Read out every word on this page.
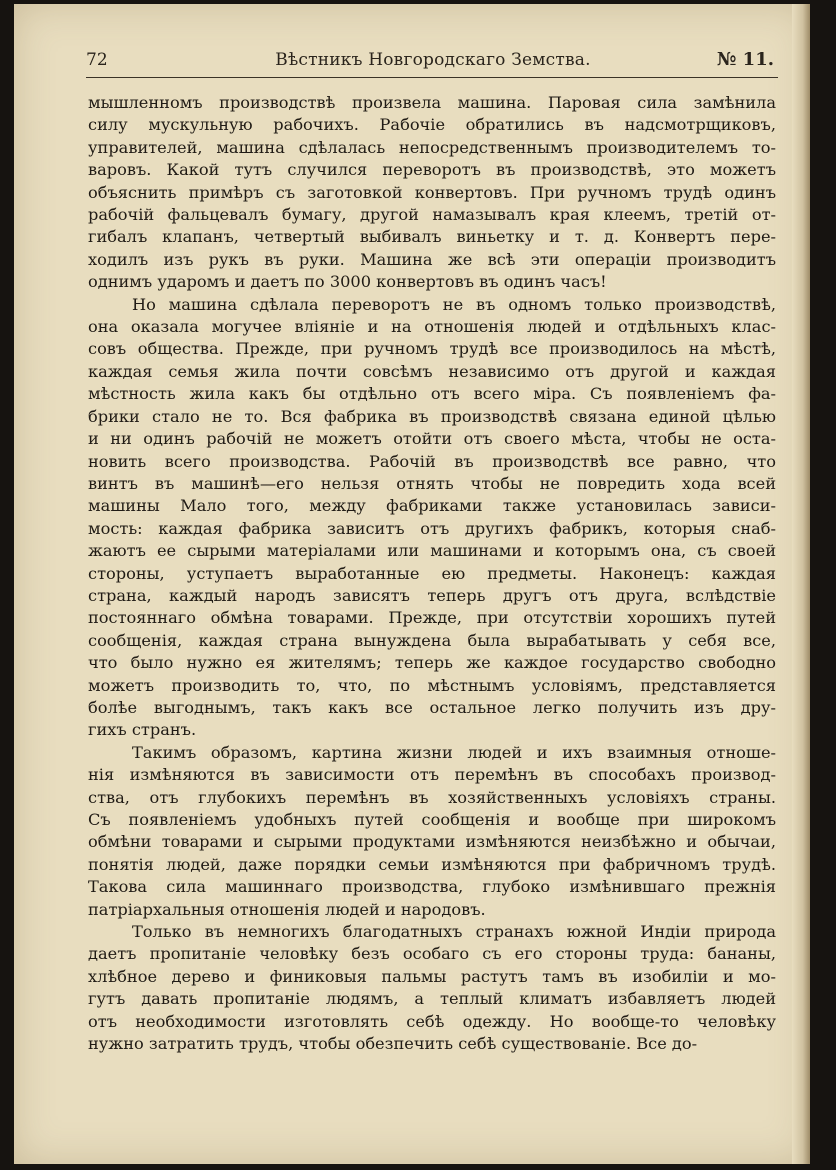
72	Вѣстникъ Новгородскаго Земства.	№ 11.
мышленномъ производствѣ произвела машина. Паровая сила замѣнила
силу мускульную рабочихъ. Рабочіе обратились въ надсмотрщиковъ,
управителей, машина сдѣлалась непосредственнымъ производителемъ то-
варовъ. Какой тутъ случился переворотъ въ производствѣ, это можетъ
объяснить примѣръ съ заготовкой конвертовъ. При ручномъ трудѣ одинъ
рабочій фальцевалъ бумагу, другой намазывалъ края клеемъ, третій от-
гибалъ клапанъ, четвертый выбивалъ виньетку и т. д. Конвертъ пере-
ходилъ изъ рукъ въ руки. Машина же всѣ эти операціи производитъ
однимъ ударомъ и даетъ по 3000 конвертовъ въ одинъ часъ!
Но машина сдѣлала переворотъ не въ одномъ только производствѣ,
она оказала могучее вліяніе и на отношенія людей и отдѣльныхъ клас-
совъ общества. Прежде, при ручномъ трудѣ все производилось на мѣстѣ,
каждая семья жила почти совсѣмъ независимо отъ другой и каждая
мѣстность жила какъ бы отдѣльно отъ всего міра. Съ появленіемъ фа-
брики стало не то. Вся фабрика въ производствѣ связана единой цѣлью
и ни одинъ рабочій не можетъ отойти отъ своего мѣста, чтобы не оста-
новить всего производства. Рабочій въ производствѣ все равно, что
винтъ въ машинѣ—его нельзя отнять чтобы не повредить хода всей
машины Мало того, между фабриками также установилась зависи-
мость: каждая фабрика зависитъ отъ другихъ фабрикъ, которыя снаб-
жаютъ ее сырыми матеріалами или машинами и которымъ она, съ своей
стороны, уступаетъ выработанные ею предметы. Наконецъ: каждая
страна, каждый народъ зависятъ теперь другъ отъ друга, вслѣдствіе
постояннаго обмѣна товарами. Прежде, при отсутствіи хорошихъ путей
сообщенія, каждая страна вынуждена была вырабатывать у себя все,
что было нужно ея жителямъ; теперь же каждое государство свободно
можетъ производить то, что, по мѣстнымъ условіямъ, представляется
болѣе выгоднымъ, такъ какъ все остальное легко получить изъ дру-
гихъ странъ.
Такимъ образомъ, картина жизни людей и ихъ взаимныя отноше-
нія измѣняются въ зависимости отъ перемѣнъ въ способахъ производ-
ства, отъ глубокихъ перемѣнъ въ хозяйственныхъ условіяхъ страны.
Съ появленіемъ удобныхъ путей сообщенія и вообще при широкомъ
обмѣни товарами и сырыми продуктами измѣняются неизбѣжно и обычаи,
понятія людей, даже порядки семьи измѣняются при фабричномъ трудѣ.
Такова сила машиннаго производства, глубоко измѣнившаго прежнія
патріархальныя отношенія людей и народовъ.
Только въ немногихъ благодатныхъ странахъ южной Индіи природа
даетъ пропитаніе человѣку безъ особаго съ его стороны труда: бананы,
хлѣбное дерево и финиковыя пальмы растутъ тамъ въ изобиліи и мо-
гутъ давать пропитаніе людямъ, а теплый климатъ избавляетъ людей
отъ необходимости изготовлять себѣ одежду. Но вообще-то человѣку
нужно затратить трудъ, чтобы обезпечить себѣ существованіе. Все до-
